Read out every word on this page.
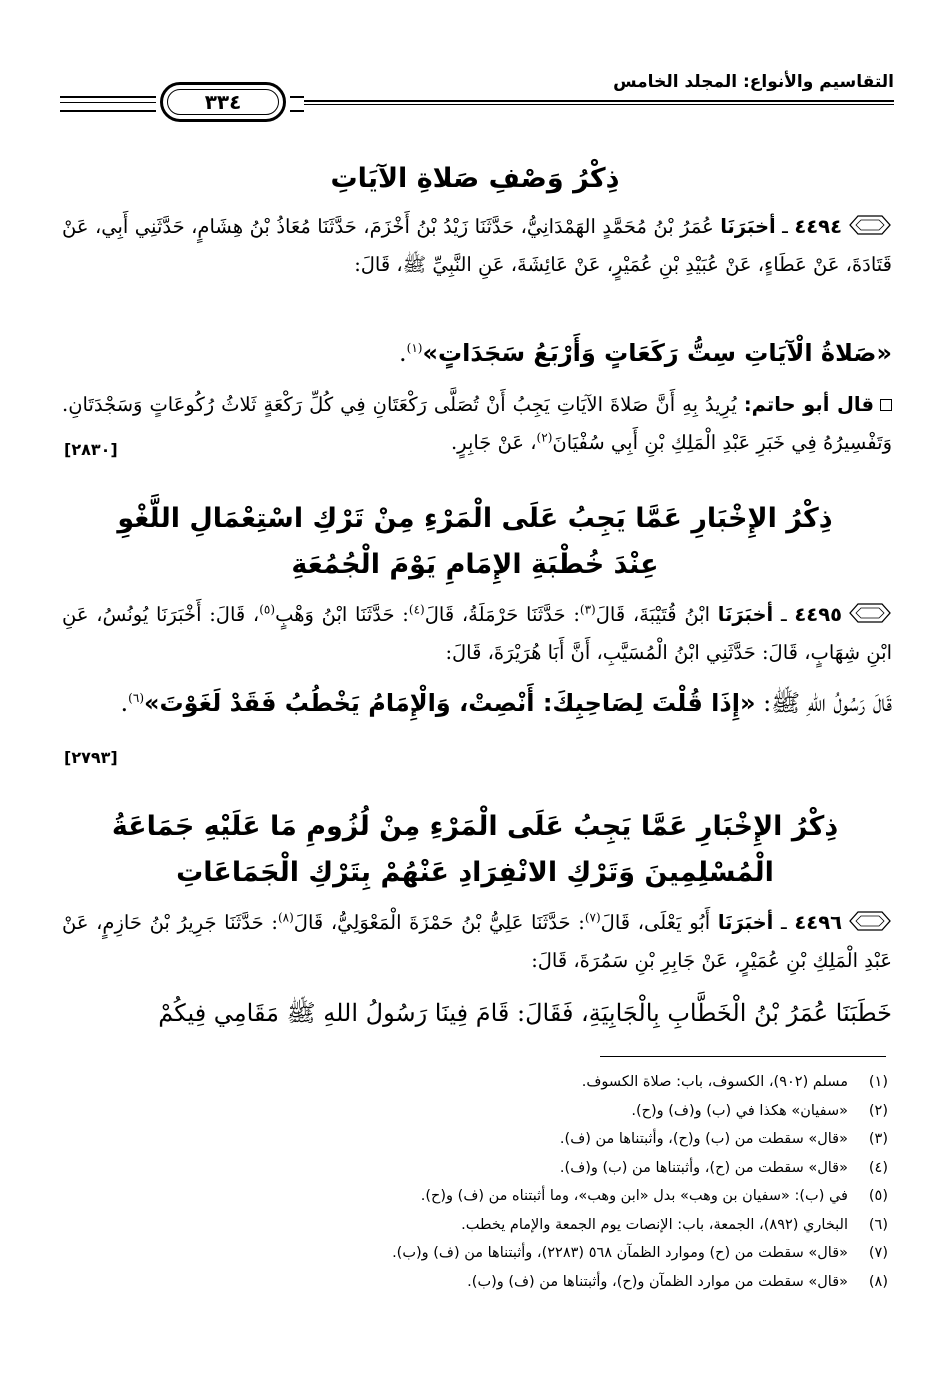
التقاسيم والأنواع: المجلد الخامس
٣٣٤
ذِكْرُ وَصْفِ صَلاةِ الآيَاتِ
٤٤٩٤ ـ أخبَرَنَا عُمَرُ بْنُ مُحَمَّدٍ الهَمْدَانِيُّ، حَدَّثَنَا زَيْدُ بْنُ أَخْزَمَ، حَدَّثَنَا مُعَاذُ بْنُ هِشَامٍ، حَدَّثَنِي أَبِي، عَنْ قَتَادَةَ، عَنْ عَطَاءٍ، عَنْ عُبَيْدِ بْنِ عُمَيْرٍ، عَنْ عَائِشَةَ، عَنِ النَّبِيِّ ﷺ، قَالَ:
«صَلاةُ الْآيَاتِ سِتُّ رَكَعَاتٍ وَأَرْبَعُ سَجَدَاتٍ»$^{(١)}$.
قال أبو حاتم: يُرِيدُ بِهِ أَنَّ صَلاةَ الآيَاتِ يَجِبُ أَنْ تُصَلَّى رَكْعَتَانِ فِي كُلِّ رَكْعَةٍ ثَلاثُ رُكُوعَاتٍ وَسَجْدَتَانِ. وَتَفْسِيرُهُ فِي خَبَرِ عَبْدِ الْمَلِكِ بْنِ أَبِي سُفْيَانَ$^{(٢)}$، عَنْ جَابِرٍ.
[٢٨٣٠]
ذِكْرُ الإِخْبَارِ عَمَّا يَجِبُ عَلَى الْمَرْءِ مِنْ تَرْكِ اسْتِعْمَالِ اللَّغْوِ
عِنْدَ خُطْبَةِ الإِمَامِ يَوْمَ الْجُمُعَةِ
٤٤٩٥ ـ أخبَرَنَا ابْنُ قُتَيْبَةَ، قَالَ$^{(٣)}$: حَدَّثَنَا حَرْمَلَةُ، قَالَ$^{(٤)}$: حَدَّثَنَا ابْنُ وَهْبٍ$^{(٥)}$، قَالَ: أَخْبَرَنَا يُونُسُ، عَنِ ابْنِ شِهَابٍ، قَالَ: حَدَّثَنِي ابْنُ الْمُسَيَّبِ، أَنَّ أَبَا هُرَيْرَةَ، قَالَ:
قَالَ رَسُولُ اللهِ ﷺ: «إِذَا قُلْتَ لِصَاحِبِكَ: أَنْصِتْ، وَالْإِمَامُ يَخْطُبُ فَقَدْ لَغَوْتَ»$^{(٦)}$.
[٢٧٩٣]
ذِكْرُ الإِخْبَارِ عَمَّا يَجِبُ عَلَى الْمَرْءِ مِنْ لُزُومِ مَا عَلَيْهِ جَمَاعَةُ
الْمُسْلِمِينَ وَتَرْكِ الانْفِرَادِ عَنْهُمْ بِتَرْكِ الْجَمَاعَاتِ
٤٤٩٦ ـ أخبَرَنَا أَبُو يَعْلَى، قَالَ$^{(٧)}$: حَدَّثَنَا عَلِيُّ بْنُ حَمْزَةَ الْمَعْوَلِيُّ، قَالَ$^{(٨)}$: حَدَّثَنَا جَرِيرُ بْنُ حَازِمٍ، عَنْ عَبْدِ الْمَلِكِ بْنِ عُمَيْرٍ، عَنْ جَابِرِ بْنِ سَمُرَةَ، قَالَ:
خَطَبَنَا عُمَرُ بْنُ الْخَطَّابِ بِالْجَابِيَةِ، فَقَالَ: قَامَ فِينَا رَسُولُ اللهِ ﷺ مَقَامِي فِيكُمْ
(١)
مسلم (٩٠٢)، الكسوف، باب: صلاة الكسوف.
(٢)
«سفيان» هكذا في (ب) و(ف) و(ح).
(٣)
«قال» سقطت من (ب) و(ح)، وأثبتناها من (ف).
(٤)
«قال» سقطت من (ح)، وأثبتناها من (ب) و(ف).
(٥)
في (ب): «سفيان بن وهب» بدل «ابن وهب»، وما أثبتناه من (ف) و(ح).
(٦)
البخاري (٨٩٢)، الجمعة، باب: الإنصات يوم الجمعة والإمام يخطب.
(٧)
«قال» سقطت من (ح) وموارد الظمآن ٥٦٨ (٢٢٨٣)، وأثبتناها من (ف) و(ب).
(٨)
«قال» سقطت من موارد الظمآن و(ح)، وأثبتناها من (ف) و(ب).
